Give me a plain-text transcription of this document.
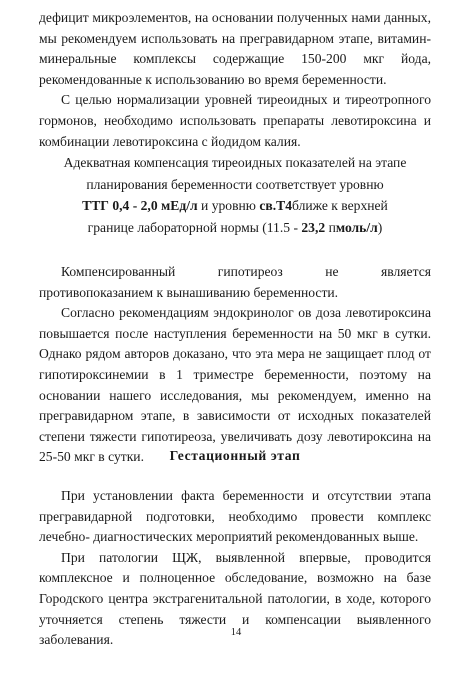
дефицит микроэлементов, на основании полученных нами данных, мы рекомендуем использовать на прегравидарном этапе, витамин-минеральные комплексы содержащие 150-200 мкг йода, рекомендованные к использованию во время беременности.

С целью нормализации уровней тиреоидных и тиреотропного гормонов, необходимо использовать препараты левотироксина и комбинации левотироксина с йодидом калия.

Адекватная компенсация тиреоидных показателей на этапе

планирования беременности соответствует уровню

ТТГ 0,4 - 2,0 мЕд/л и уровню св.Т4ближе к верхней

границе лабораторной нормы (11.5 - 23,2 пмоль/л)

Компенсированный гипотиреоз не является противопоказанием к вынашиванию беременности.

Согласно рекомендациям эндокринолог ов доза левотироксина повышается после наступления беременности на 50 мкг в сутки. Однако рядом авторов доказано, что эта мера не защищает плод от гипотироксинемии в 1 триместре беременности, поэтому на основании нашего исследования, мы рекомендуем, именно на прегравидарном этапе, в зависимости от исходных показателей степени тяжести гипотиреоза, увеличивать дозу левотироксина на 25-50 мкг в сутки.	Гестационный этап

При установлении факта беременности и отсутствии этапа прегравидарной подготовки, необходимо провести комплекс лечебно- диагностических мероприятий рекомендованных выше.

При патологии ЩЖ, выявленной впервые, проводится комплексное и полноценное обследование, возможно на базе Городского центра экстрагенитальной патологии, в ходе, которого уточняется степень тяжести и компенсации выявленного заболевания.	14
